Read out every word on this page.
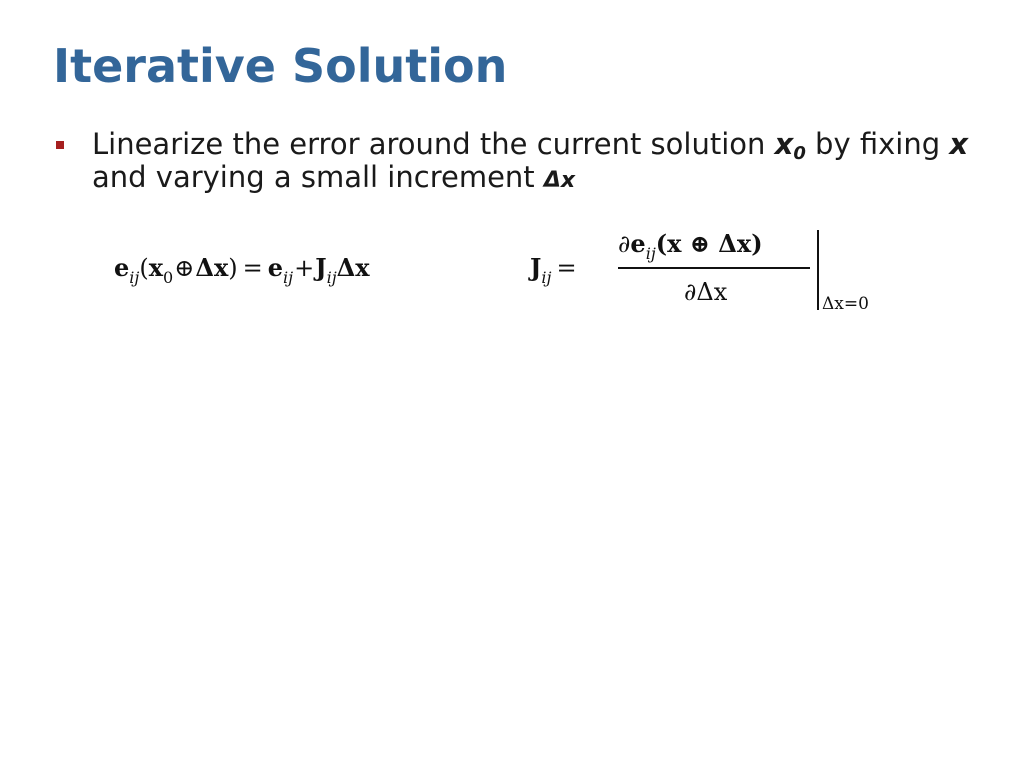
Iterative Solution

Linearize the error around the current solution $x_0$ by fixing x and varying a small increment Δx

$e_{ij}(x_0\oplus\Delta x) = e_{ij}+J_{ij}\Delta x$	$J_{ij}$ =
$\partial e_{ij}(x$ ⊕ Δx)
∂Δx	Δx=0
